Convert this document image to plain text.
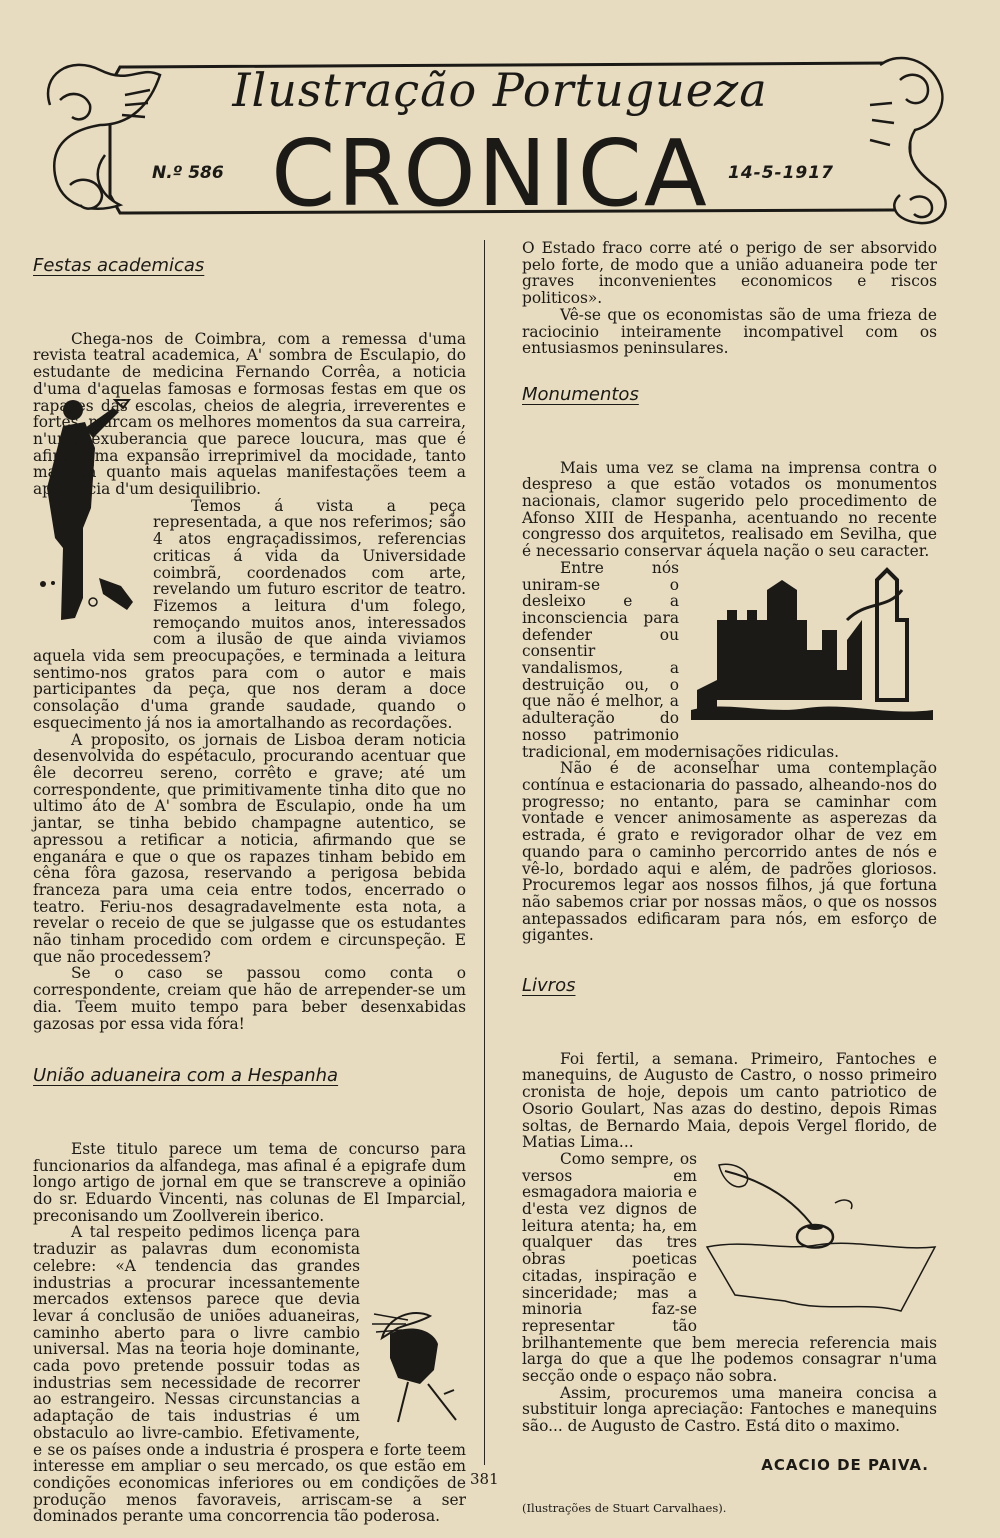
Ilustração Portugueza
CRONICA
N.º 586	14-5-1917
Festas academicas

Chega-nos de Coimbra, com a remessa d'uma revista teatral academica, A' sombra de Esculapio, do estudante de medicina Fernando Corrêa, a noticia d'uma d'aquelas famosas e formosas festas em que os rapazes das escolas, cheios de alegria, irreverentes e fortes, marcam os melhores momentos da sua carreira, n'uma exuberancia que parece loucura, mas que é afinal uma expansão irreprimivel da mocidade, tanto mais sã quanto mais aquelas manifestações teem a aparencia d'um desiquilibrio.

Temos á vista a peça representada, a que nos referimos; são 4 atos engraçadissimos, referencias criticas á vida da Universidade coimbrã, coordenados com arte, revelando um futuro escritor de teatro. Fizemos a leitura d'um folego, remoçando muitos anos, interessados com a ilusão de que ainda viviamos aquela vida sem preocupações, e terminada a leitura sentimo-nos gratos para com o autor e mais participantes da peça, que nos deram a doce consolação d'uma grande saudade, quando o esquecimento já nos ia amortalhando as recordações.

A proposito, os jornais de Lisboa deram noticia desenvolvida do espétaculo, procurando acentuar que êle decorreu sereno, corrêto e grave; até um correspondente, que primitivamente tinha dito que no ultimo áto de A' sombra de Esculapio, onde ha um jantar, se tinha bebido champagne autentico, se apressou a retificar a noticia, afirmando que se enganára e que o que os rapazes tinham bebido em cêna fôra gazosa, reservando a perigosa bebida franceza para uma ceia entre todos, encerrado o teatro. Feriu-nos desagradavelmente esta nota, a revelar o receio de que se julgasse que os estudantes não tinham procedido com ordem e circunspeção. E que não procedessem?

Se o caso se passou como conta o correspondente, creiam que hão de arrepender-se um dia. Teem muito tempo para beber desenxabidas gazosas por essa vida fóra!

União aduaneira com a Hespanha

Este titulo parece um tema de concurso para funcionarios da alfandega, mas afinal é a epigrafe dum longo artigo de jornal em que se transcreve a opinião do sr. Eduardo Vincenti, nas colunas de El Imparcial, preconisando um Zoollverein iberico.

A tal respeito pedimos licença para traduzir as palavras dum economista celebre: «A tendencia das grandes industrias a procurar incessantemente mercados extensos parece que devia levar á conclusão de uniões aduaneiras, caminho aberto para o livre cambio universal. Mas na teoria hoje dominante, cada povo pretende possuir todas as industrias sem necessidade de recorrer ao estrangeiro. Nessas circunstancias a adaptação de tais industrias é um obstaculo ao livre-cambio. Efetivamente, e se os países onde a industria é prospera e forte teem interesse em ampliar o seu mercado, os que estão em condições economicas inferiores ou em condições de produção menos favoraveis, arriscam-se a ser dominados perante uma concorrencia tão poderosa.

O Estado fraco corre até o perigo de ser absorvido pelo forte, de modo que a união aduaneira pode ter graves inconvenientes economicos e riscos politicos».

Vê-se que os economistas são de uma frieza de raciocinio inteiramente incompativel com os entusiasmos peninsulares.

Monumentos

Mais uma vez se clama na imprensa contra o despreso a que estão votados os monumentos nacionais, clamor sugerido pelo procedimento de Afonso XIII de Hespanha, acentuando no recente congresso dos arquitetos, realisado em Sevilha, que é necessario conservar áquela nação o seu caracter.

Entre nós uniram-se o desleixo e a inconsciencia para defender ou consentir vandalismos, a destruição ou, o que não é melhor, a adulteração do nosso patrimonio tradicional, em modernisações ridiculas.

Não é de aconselhar uma contemplação contínua e estacionaria do passado, alheando-nos do progresso; no entanto, para se caminhar com vontade e vencer animosamente as asperezas da estrada, é grato e revigorador olhar de vez em quando para o caminho percorrido antes de nós e vê-lo, bordado aqui e além, de padrões gloriosos. Procuremos legar aos nossos filhos, já que fortuna não sabemos criar por nossas mãos, o que os nossos antepassados edificaram para nós, em esforço de gigantes.

Livros

Foi fertil, a semana. Primeiro, Fantoches e manequins, de Augusto de Castro, o nosso primeiro cronista de hoje, depois um canto patriotico de Osorio Goulart, Nas azas do destino, depois Rimas soltas, de Bernardo Maia, depois Vergel florido, de Matias Lima...

Como sempre, os versos em esmagadora maioria e d'esta vez dignos de leitura atenta; ha, em qualquer das tres obras poeticas citadas, inspiração e sinceridade; mas a minoria faz-se representar tão brilhantemente que bem merecia referencia mais larga do que a que lhe podemos consagrar n'uma secção onde o espaço não sobra.

Assim, procuremos uma maneira concisa a substituir longa apreciação: Fantoches e manequins são... de Augusto de Castro. Está dito o maximo.

ACACIO DE PAIVA.
(Ilustrações de Stuart Carvalhaes).
381
